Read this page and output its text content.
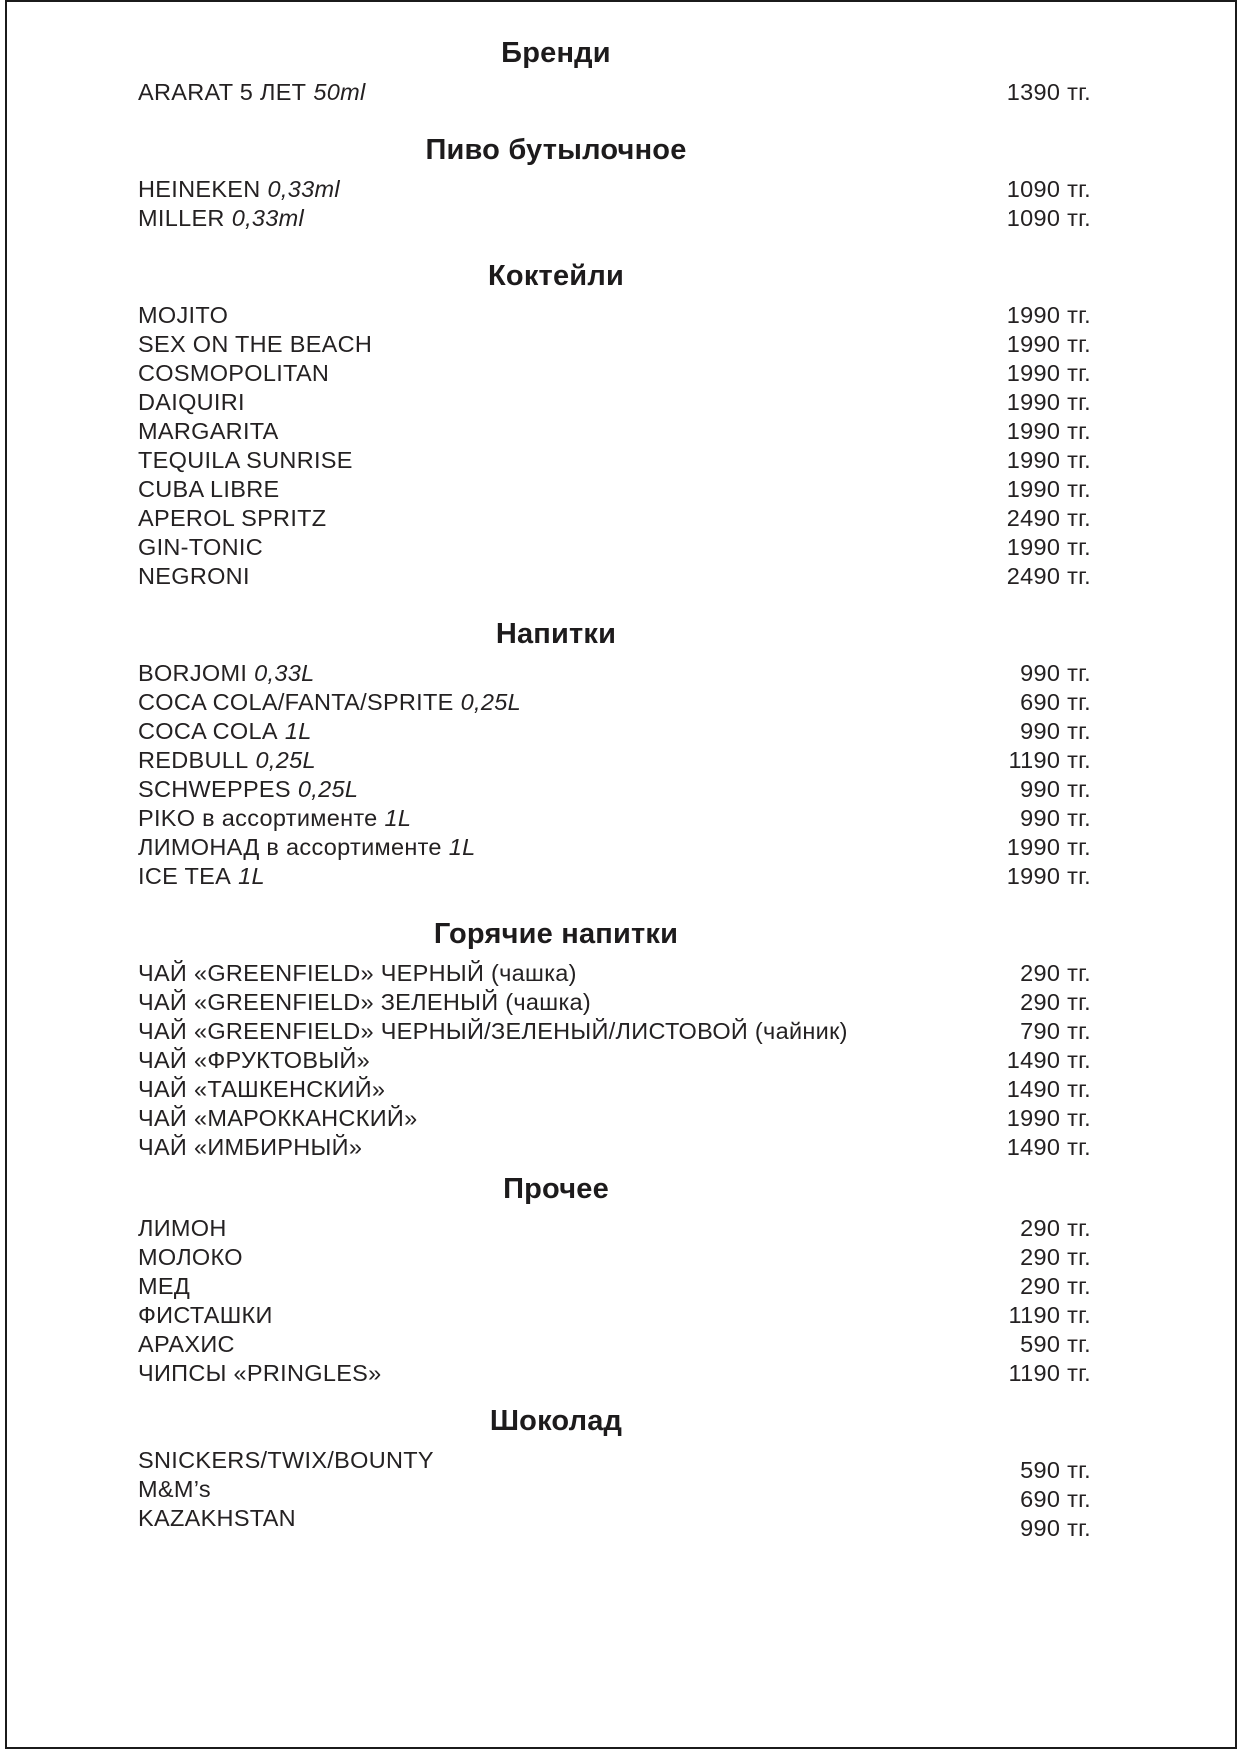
Бренди
ARARAT 5 ЛЕТ 50ml	1390 тг.
Пиво бутылочное
HEINEKEN 0,33ml	1090 тг.
MILLER 0,33ml	1090 тг.
Коктейли
MOJITO	1990 тг.
SEX ON THE BEACH	1990 тг.
COSMOPOLITAN	1990 тг.
DAIQUIRI	1990 тг.
MARGARITA	1990 тг.
TEQUILA SUNRISE	1990 тг.
CUBA LIBRE	1990 тг.
APEROL SPRITZ	2490 тг.
GIN-TONIC	1990 тг.
NEGRONI	2490 тг.
Напитки
BORJOMI 0,33L	990 тг.
COCA COLA/FANTA/SPRITE 0,25L	690 тг.
COCA COLA 1L	990 тг.
REDBULL 0,25L	1190 тг.
SCHWEPPES 0,25L	990 тг.
PIKO в ассортименте 1L	990 тг.
ЛИМОНАД в ассортименте 1L	1990 тг.
ICE TEA 1L	1990 тг.
Горячие напитки
ЧАЙ «GREENFIELD» ЧЕРНЫЙ (чашка)	290 тг.
ЧАЙ «GREENFIELD» ЗЕЛЕНЫЙ (чашка)	290 тг.
ЧАЙ «GREENFIELD» ЧЕРНЫЙ/ЗЕЛЕНЫЙ/ЛИСТОВОЙ (чайник)	790 тг.
ЧАЙ «ФРУКТОВЫЙ»	1490 тг.
ЧАЙ «ТАШКЕНСКИЙ»	1490 тг.
ЧАЙ «МАРОККАНСКИЙ»	1990 тг.
ЧАЙ «ИМБИРНЫЙ»	1490 тг.
Прочее
ЛИМОН	290 тг.
МОЛОКО	290 тг.
МЕД	290 тг.
ФИСТАШКИ	1190 тг.
АРАХИС	590 тг.
ЧИПСЫ «PRINGLES»	1190 тг.
Шоколад
SNICKERS/TWIX/BOUNTY	590 тг.
M&M’s	690 тг.
KAZAKHSTAN	990 тг.
